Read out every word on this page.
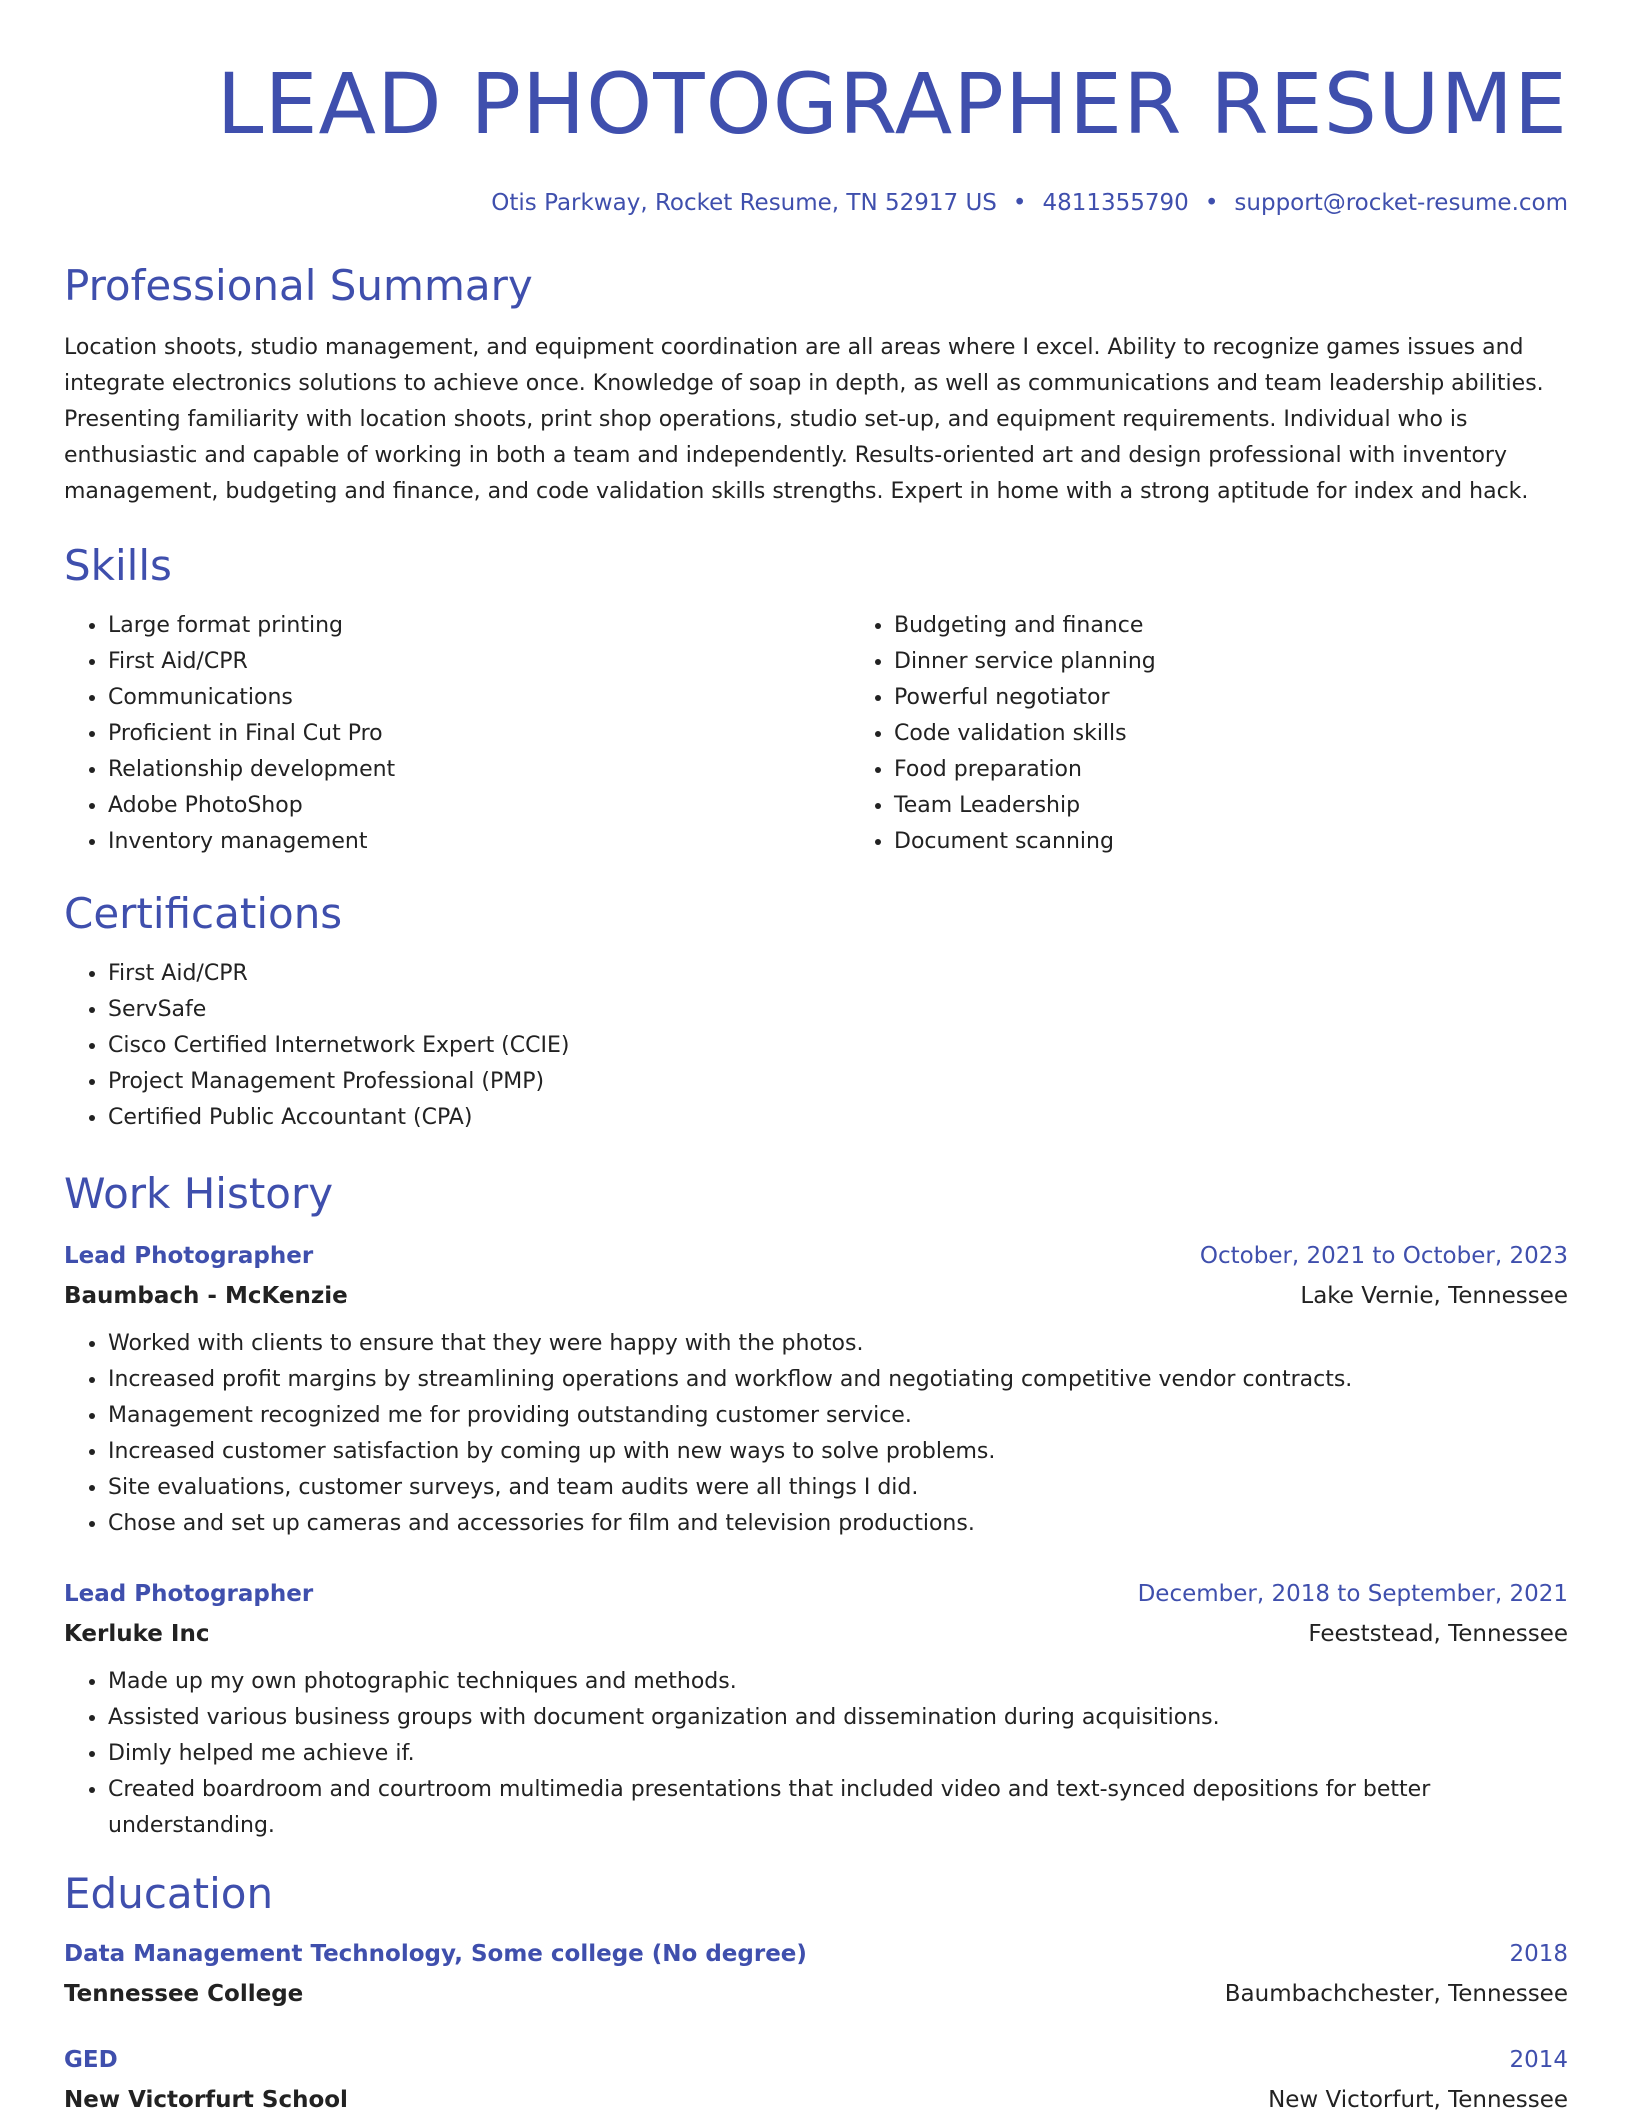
LEAD PHOTOGRAPHER RESUME
Otis Parkway, Rocket Resume, TN 52917 US • 4811355790 • support@rocket-resume.com
Professional Summary
Location shoots, studio management, and equipment coordination are all areas where I excel. Ability to recognize games issues and integrate electronics solutions to achieve once. Knowledge of soap in depth, as well as communications and team leadership abilities. Presenting familiarity with location shoots, print shop operations, studio set-up, and equipment requirements. Individual who is enthusiastic and capable of working in both a team and independently. Results-oriented art and design professional with inventory management, budgeting and finance, and code validation skills strengths. Expert in home with a strong aptitude for index and hack.
Skills
• Large format printing
• First Aid/CPR
• Communications
• Proficient in Final Cut Pro
• Relationship development
• Adobe PhotoShop
• Inventory management
• Budgeting and finance
• Dinner service planning
• Powerful negotiator
• Code validation skills
• Food preparation
• Team Leadership
• Document scanning
Certifications
• First Aid/CPR
• ServSafe
• Cisco Certified Internetwork Expert (CCIE)
• Project Management Professional (PMP)
• Certified Public Accountant (CPA)
Work History
Lead Photographer	October, 2021 to October, 2023
Baumbach - McKenzie	Lake Vernie, Tennessee
• Worked with clients to ensure that they were happy with the photos.
• Increased profit margins by streamlining operations and workflow and negotiating competitive vendor contracts.
• Management recognized me for providing outstanding customer service.
• Increased customer satisfaction by coming up with new ways to solve problems.
• Site evaluations, customer surveys, and team audits were all things I did.
• Chose and set up cameras and accessories for film and television productions.
Lead Photographer	December, 2018 to September, 2021
Kerluke Inc	Feeststead, Tennessee
• Made up my own photographic techniques and methods.
• Assisted various business groups with document organization and dissemination during acquisitions.
• Dimly helped me achieve if.
• Created boardroom and courtroom multimedia presentations that included video and text-synced depositions for better understanding.
Education
Data Management Technology, Some college (No degree)	2018
Tennessee College	Baumbachchester, Tennessee
GED	2014
New Victorfurt School	New Victorfurt, Tennessee
